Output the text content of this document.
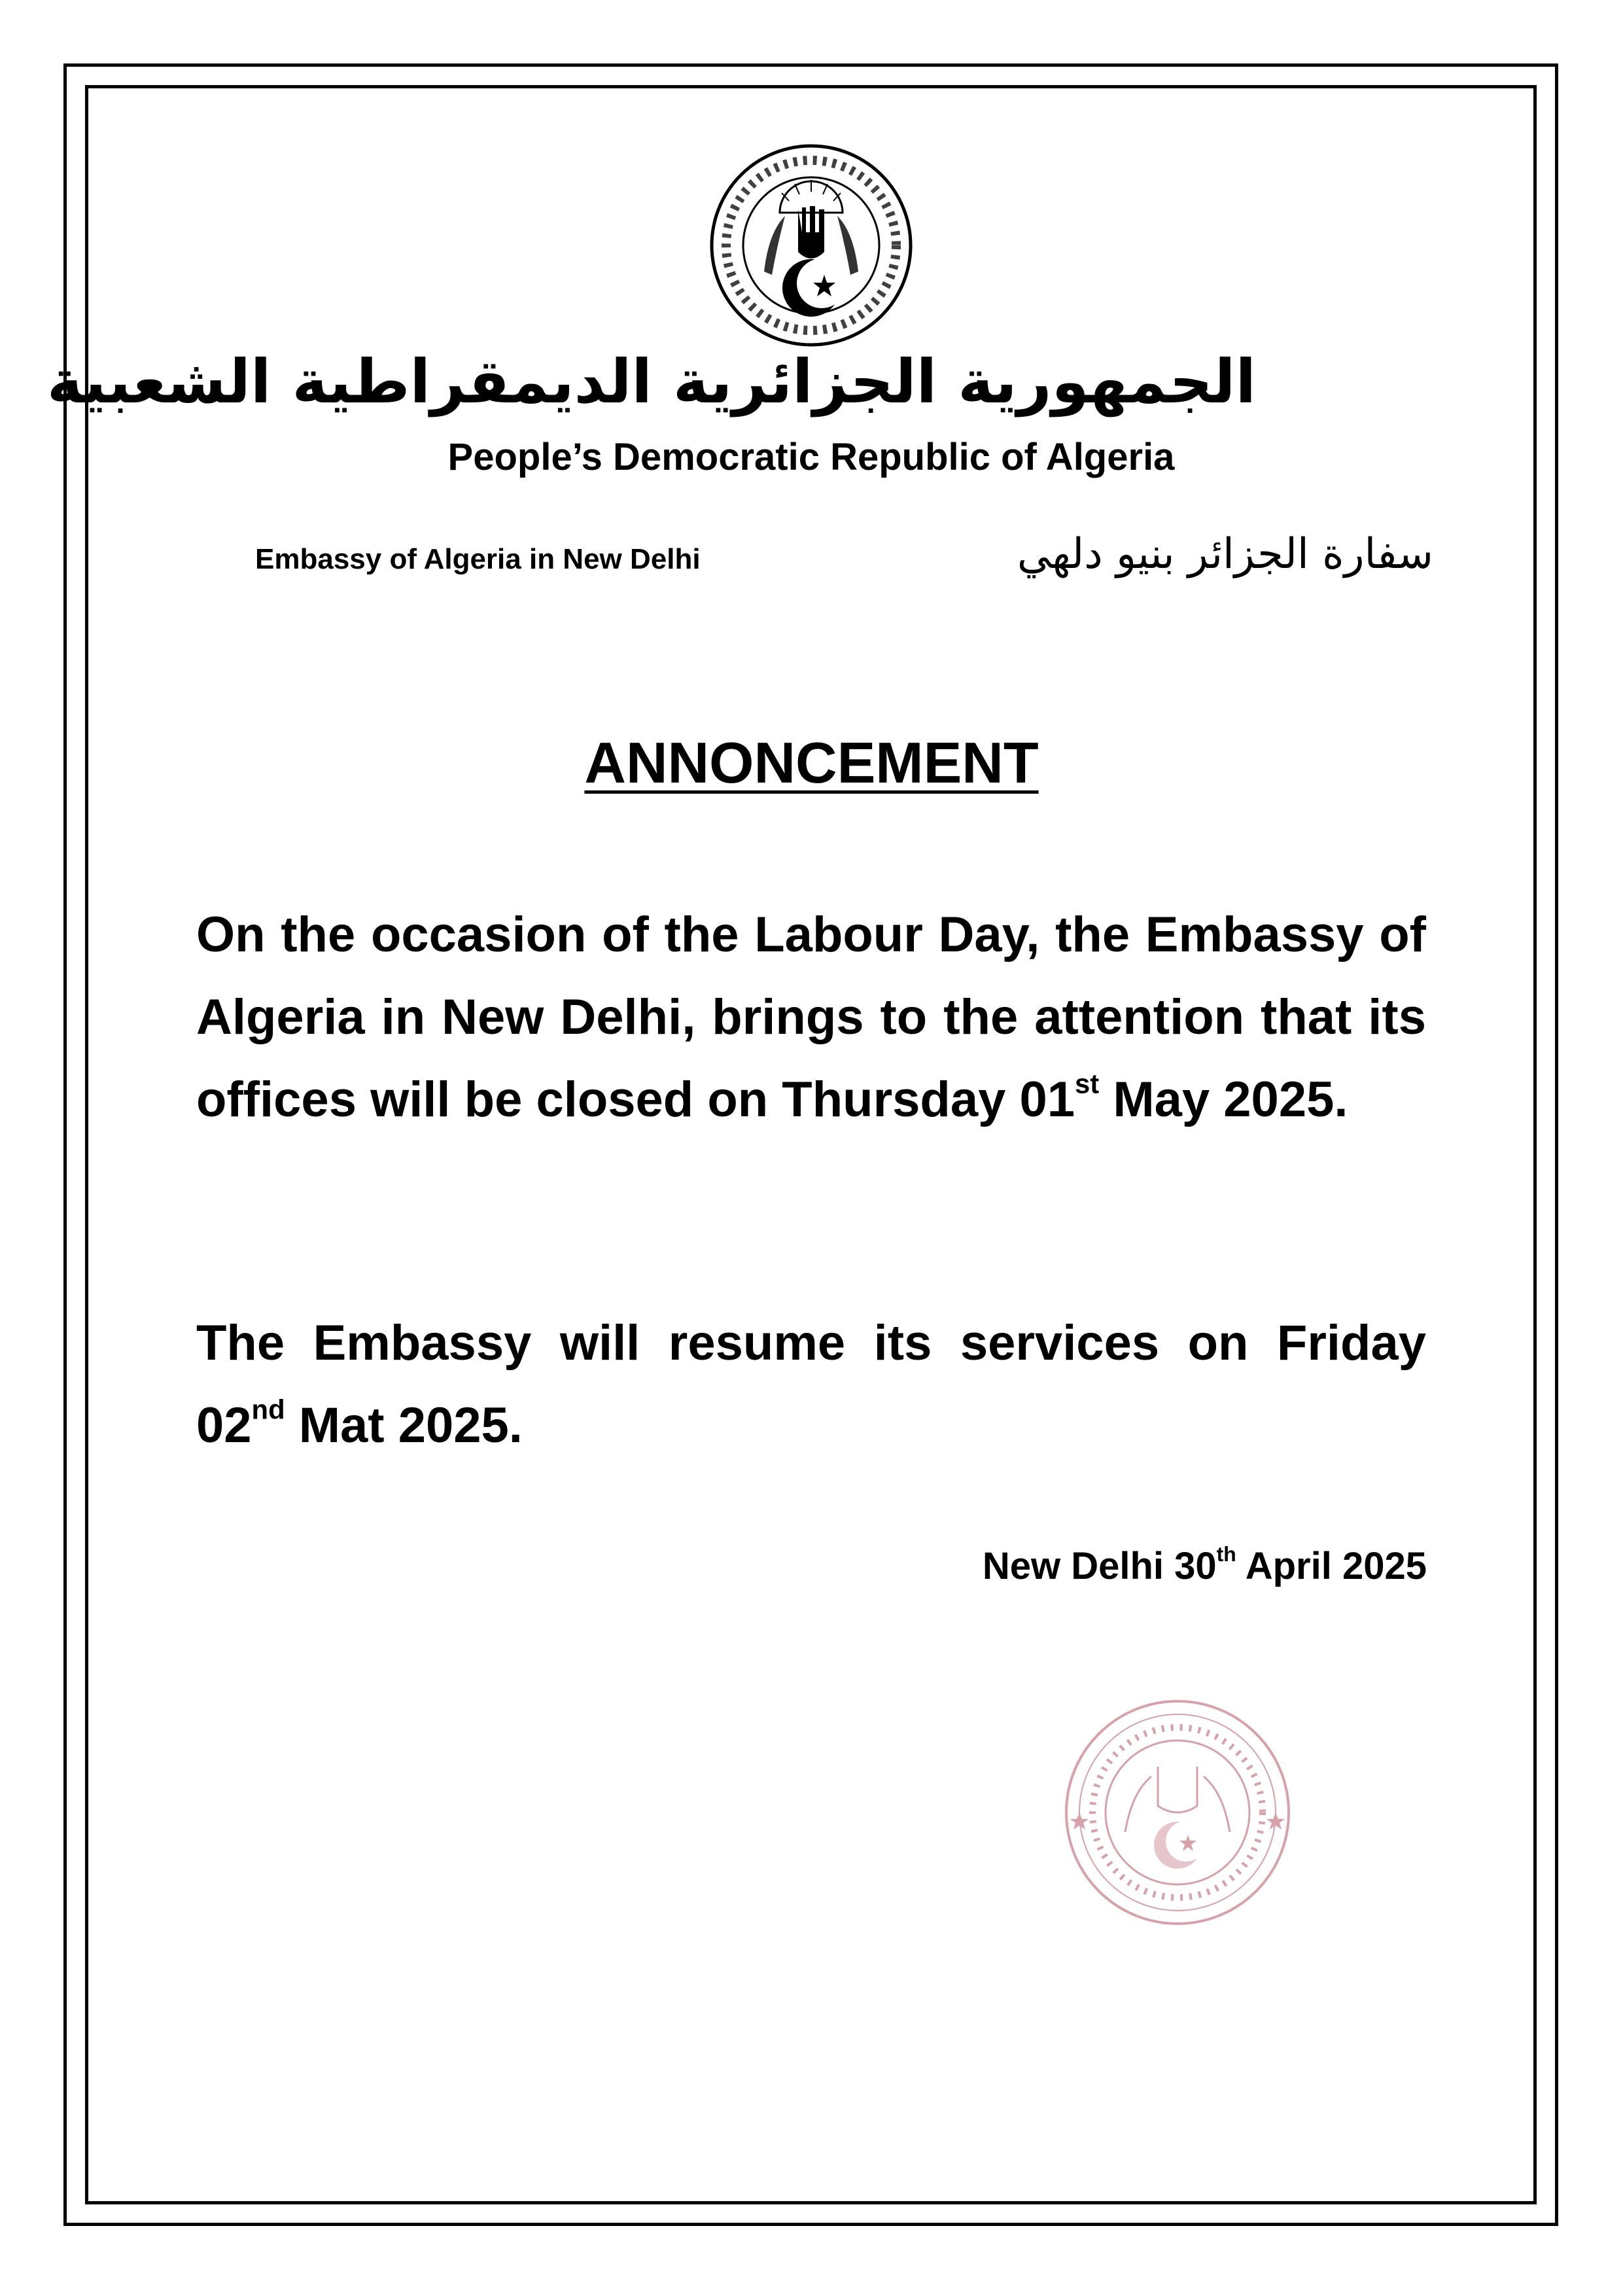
الجمهورية الجزائرية الديمقراطية الشعبية
People’s Democratic Republic of Algeria
Embassy of Algeria in New Delhi	سفارة الجزائر بنيو دلهي
ANNONCEMENT
On the occasion of the Labour Day, the Embassy of Algeria in New Delhi, brings to the attention that its offices will be closed on Thursday 01st May 2025.
The Embassy will resume its services on Friday 02nd Mat 2025.
New Delhi 30th April 2025
